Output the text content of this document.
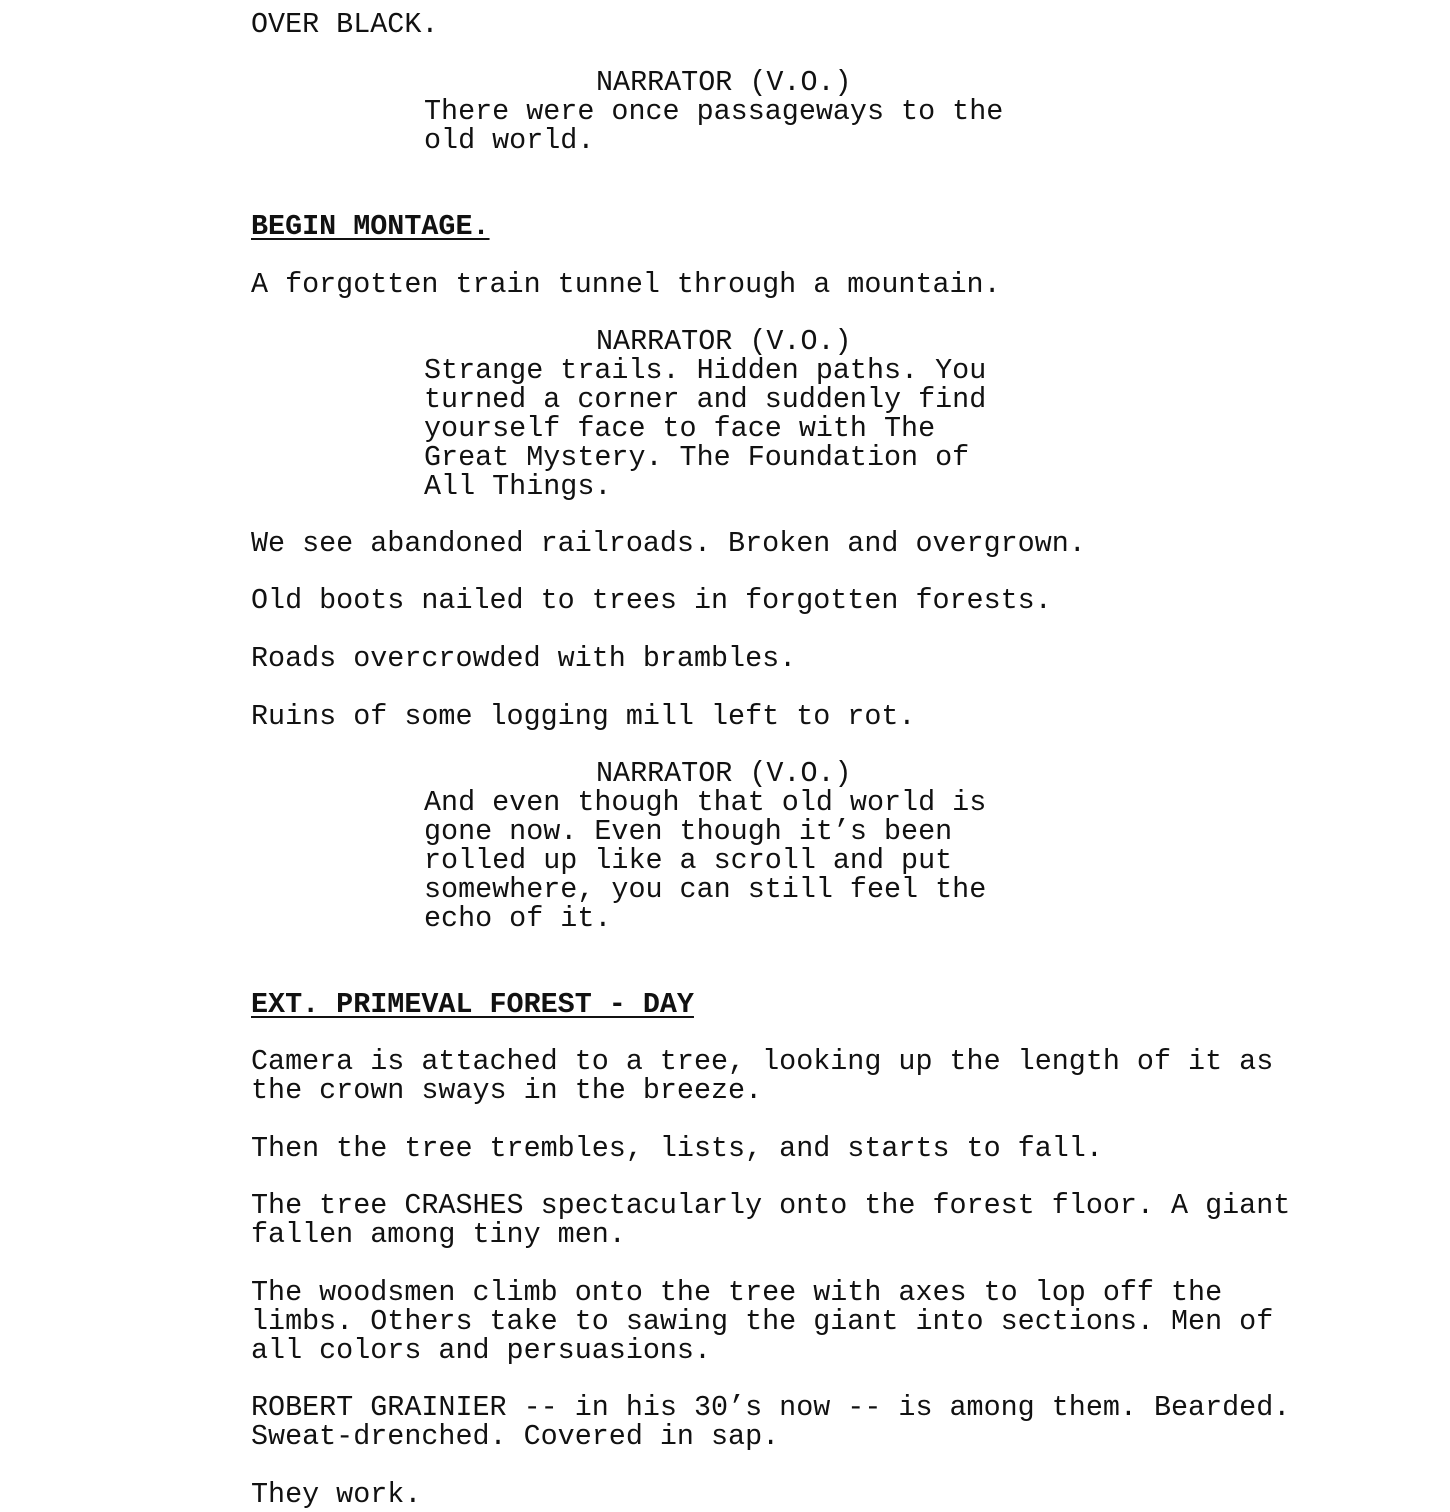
OVER BLACK.
NARRATOR (V.O.)
There were once passageways to the
old world.
BEGIN MONTAGE.
A forgotten train tunnel through a mountain.
NARRATOR (V.O.)
Strange trails. Hidden paths. You
turned a corner and suddenly find
yourself face to face with The
Great Mystery. The Foundation of
All Things.
We see abandoned railroads. Broken and overgrown.
Old boots nailed to trees in forgotten forests.
Roads overcrowded with brambles.
Ruins of some logging mill left to rot.
NARRATOR (V.O.)
And even though that old world is
gone now. Even though it’s been
rolled up like a scroll and put
somewhere, you can still feel the
echo of it.
EXT. PRIMEVAL FOREST - DAY
Camera is attached to a tree, looking up the length of it as
the crown sways in the breeze.
Then the tree trembles, lists, and starts to fall.
The tree CRASHES spectacularly onto the forest floor. A giant
fallen among tiny men.
The woodsmen climb onto the tree with axes to lop off the
limbs. Others take to sawing the giant into sections. Men of
all colors and persuasions.
ROBERT GRAINIER -- in his 30’s now -- is among them. Bearded.
Sweat-drenched. Covered in sap.
They work.
